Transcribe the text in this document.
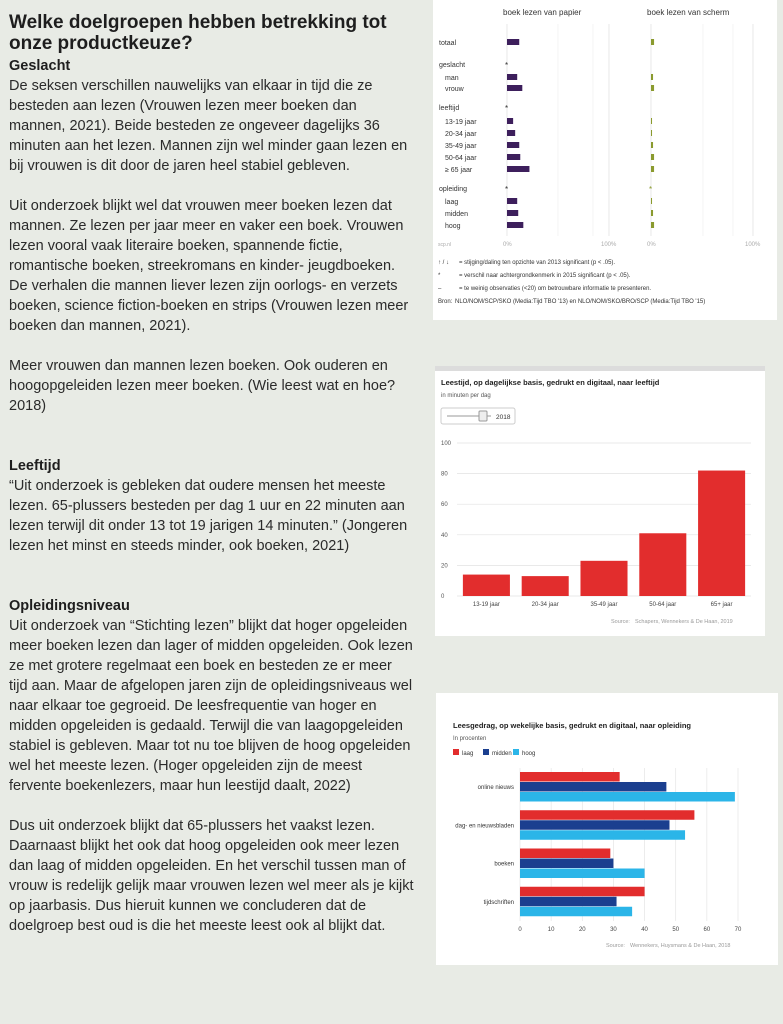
Welke doelgroepen hebben betrekking tot onze productkeuze?
Geslacht

De seksen verschillen nauwelijks van elkaar in tijd die ze besteden aan lezen (Vrouwen lezen meer boeken dan mannen, 2021). Beide besteden ze ongeveer dagelijks 36 minuten aan het lezen. Mannen zijn wel minder gaan lezen en bij vrouwen is dit door de jaren heel stabiel gebleven.

Uit onderzoek blijkt wel dat vrouwen meer boeken lezen dat mannen. Ze lezen per jaar meer en vaker een boek. Vrouwen lezen vooral vaak literaire boeken, spannende fictie, romantische boeken, streekromans en kinder- jeugdboeken. De verhalen die mannen liever lezen zijn oorlogs- en verzets boeken, science fiction-boeken en strips (Vrouwen lezen meer boeken dan mannen, 2021).

Meer vrouwen dan mannen lezen boeken. Ook ouderen en hoogopgeleiden lezen meer boeken. (Wie leest wat en hoe? 2018)

Leeftijd

“Uit onderzoek is gebleken dat oudere mensen het meeste lezen. 65-plussers besteden per dag 1 uur en 22 minuten aan lezen terwijl dit onder 13 tot 19 jarigen 14 minuten.” (Jongeren lezen het minst en steeds minder, ook boeken, 2021)

Opleidingsniveau

Uit onderzoek van “Stichting lezen” blijkt dat hoger opgeleiden meer boeken lezen dan lager of midden opgeleiden. Ook lezen ze met grotere regelmaat een boek en besteden ze er meer tijd aan. Maar de afgelopen jaren zijn de opleidingsniveaus wel naar elkaar toe gegroeid. De leesfrequentie van hoger en midden opgeleiden is gedaald. Terwijl die van laagopgeleiden stabiel is gebleven. Maar tot nu toe blijven de hoog opgeleiden wel het meeste lezen. (Hoger opgeleiden zijn de meest fervente boekenlezers, maar hun leestijd daalt, 2022)

Dus uit onderzoek blijkt dat 65-plussers het vaakst lezen. Daarnaast blijkt het ook dat hoog opgeleiden ook meer lezen dan laag of midden opgeleiden. En het verschil tussen man of vrouw is redelijk gelijk maar vrouwen lezen wel meer als je kijkt op jaarbasis. Dus hieruit kunnen we concluderen dat de doelgroep best oud is die het meeste leest ook al blijkt dat.

boek lezen van papier	boek lezen van scherm
totaal
geslacht	*
man
vrouw
leeftijd	*
13-19 jaar
20-34 jaar
35-49 jaar
50-64 jaar
≥ 65 jaar
opleiding	*	*
laag
midden
hoog
scp.nl	0%	100%	0%	100%
↑ / ↓ = stijging/daling ten opzichte van 2013 significant (p < .05).
*	= verschil naar achtergrondkenmerk in 2015 significant (p < .05).
–	= te weinig observaties (<20) om betrouwbare informatie te presenteren.
Bron: NLO/NOM/SCP/SKO (Media:Tijd TBO '13) en NLO/NOM/SKO/BRO/SCP (Media:Tijd TBO '15)
Leestijd, op dagelijkse basis, gedrukt en digitaal, naar leeftijd
in minuten per dag
2018
100
80
60
40
20
0
13-19 jaar	20-34 jaar	35-49 jaar	50-64 jaar	65+ jaar
Source: Schapers, Wennekers & De Haan, 2019
Leesgedrag, op wekelijke basis, gedrukt en digitaal, naar opleiding
In procenten
laag	midden hoog
0	10	20	30	40	50	60	70
online nieuws
dag- en nieuwsbladen
boeken
tijdschriften
Source: Wennekers, Huysmans & De Haan, 2018
